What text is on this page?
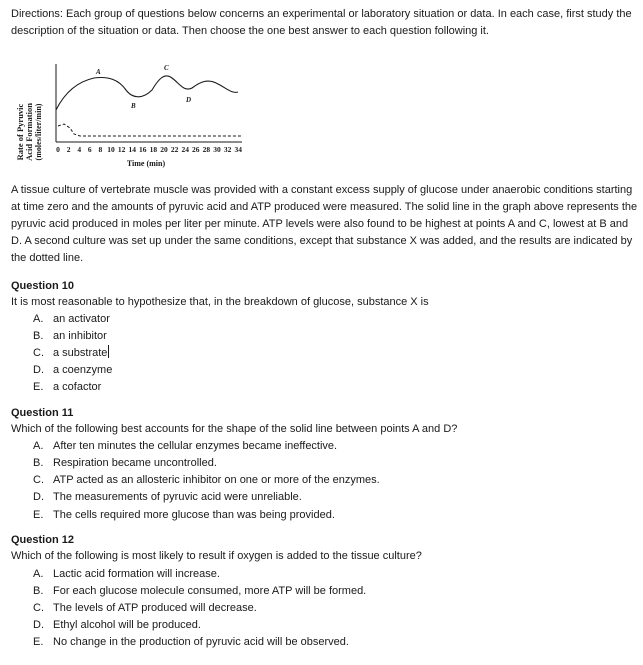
Directions: Each group of questions below concerns an experimental or laboratory situation or data. In each case, first study the description of the situation or data. Then choose the one best answer to each question following it.
Rate of Pyruvic Acid Formation (moles/liter/min)
A
B
C
D
0 2 4 6 8 10 12 14 16 18 20 22 24 26 28 30 32 34
Time (min)
A tissue culture of vertebrate muscle was provided with a constant excess supply of glucose under anaerobic conditions starting at time zero and the amounts of pyruvic acid and ATP produced were measured. The solid line in the graph above represents the pyruvic acid produced in moles per liter per minute. ATP levels were also found to be highest at points A and C, lowest at B and D. A second culture was set up under the same conditions, except that substance X was added, and the results are indicated by the dotted line.
Question 10
It is most reasonable to hypothesize that, in the breakdown of glucose, substance X is
A. an activator
B. an inhibitor
C. a substrate
D. a coenzyme
E. a cofactor
Question 11
Which of the following best accounts for the shape of the solid line between points A and D?
A. After ten minutes the cellular enzymes became ineffective.
B. Respiration became uncontrolled.
C. ATP acted as an allosteric inhibitor on one or more of the enzymes.
D. The measurements of pyruvic acid were unreliable.
E. The cells required more glucose than was being provided.
Question 12
Which of the following is most likely to result if oxygen is added to the tissue culture?
A. Lactic acid formation will increase.
B. For each glucose molecule consumed, more ATP will be formed.
C. The levels of ATP produced will decrease.
D. Ethyl alcohol will be produced.
E. No change in the production of pyruvic acid will be observed.
